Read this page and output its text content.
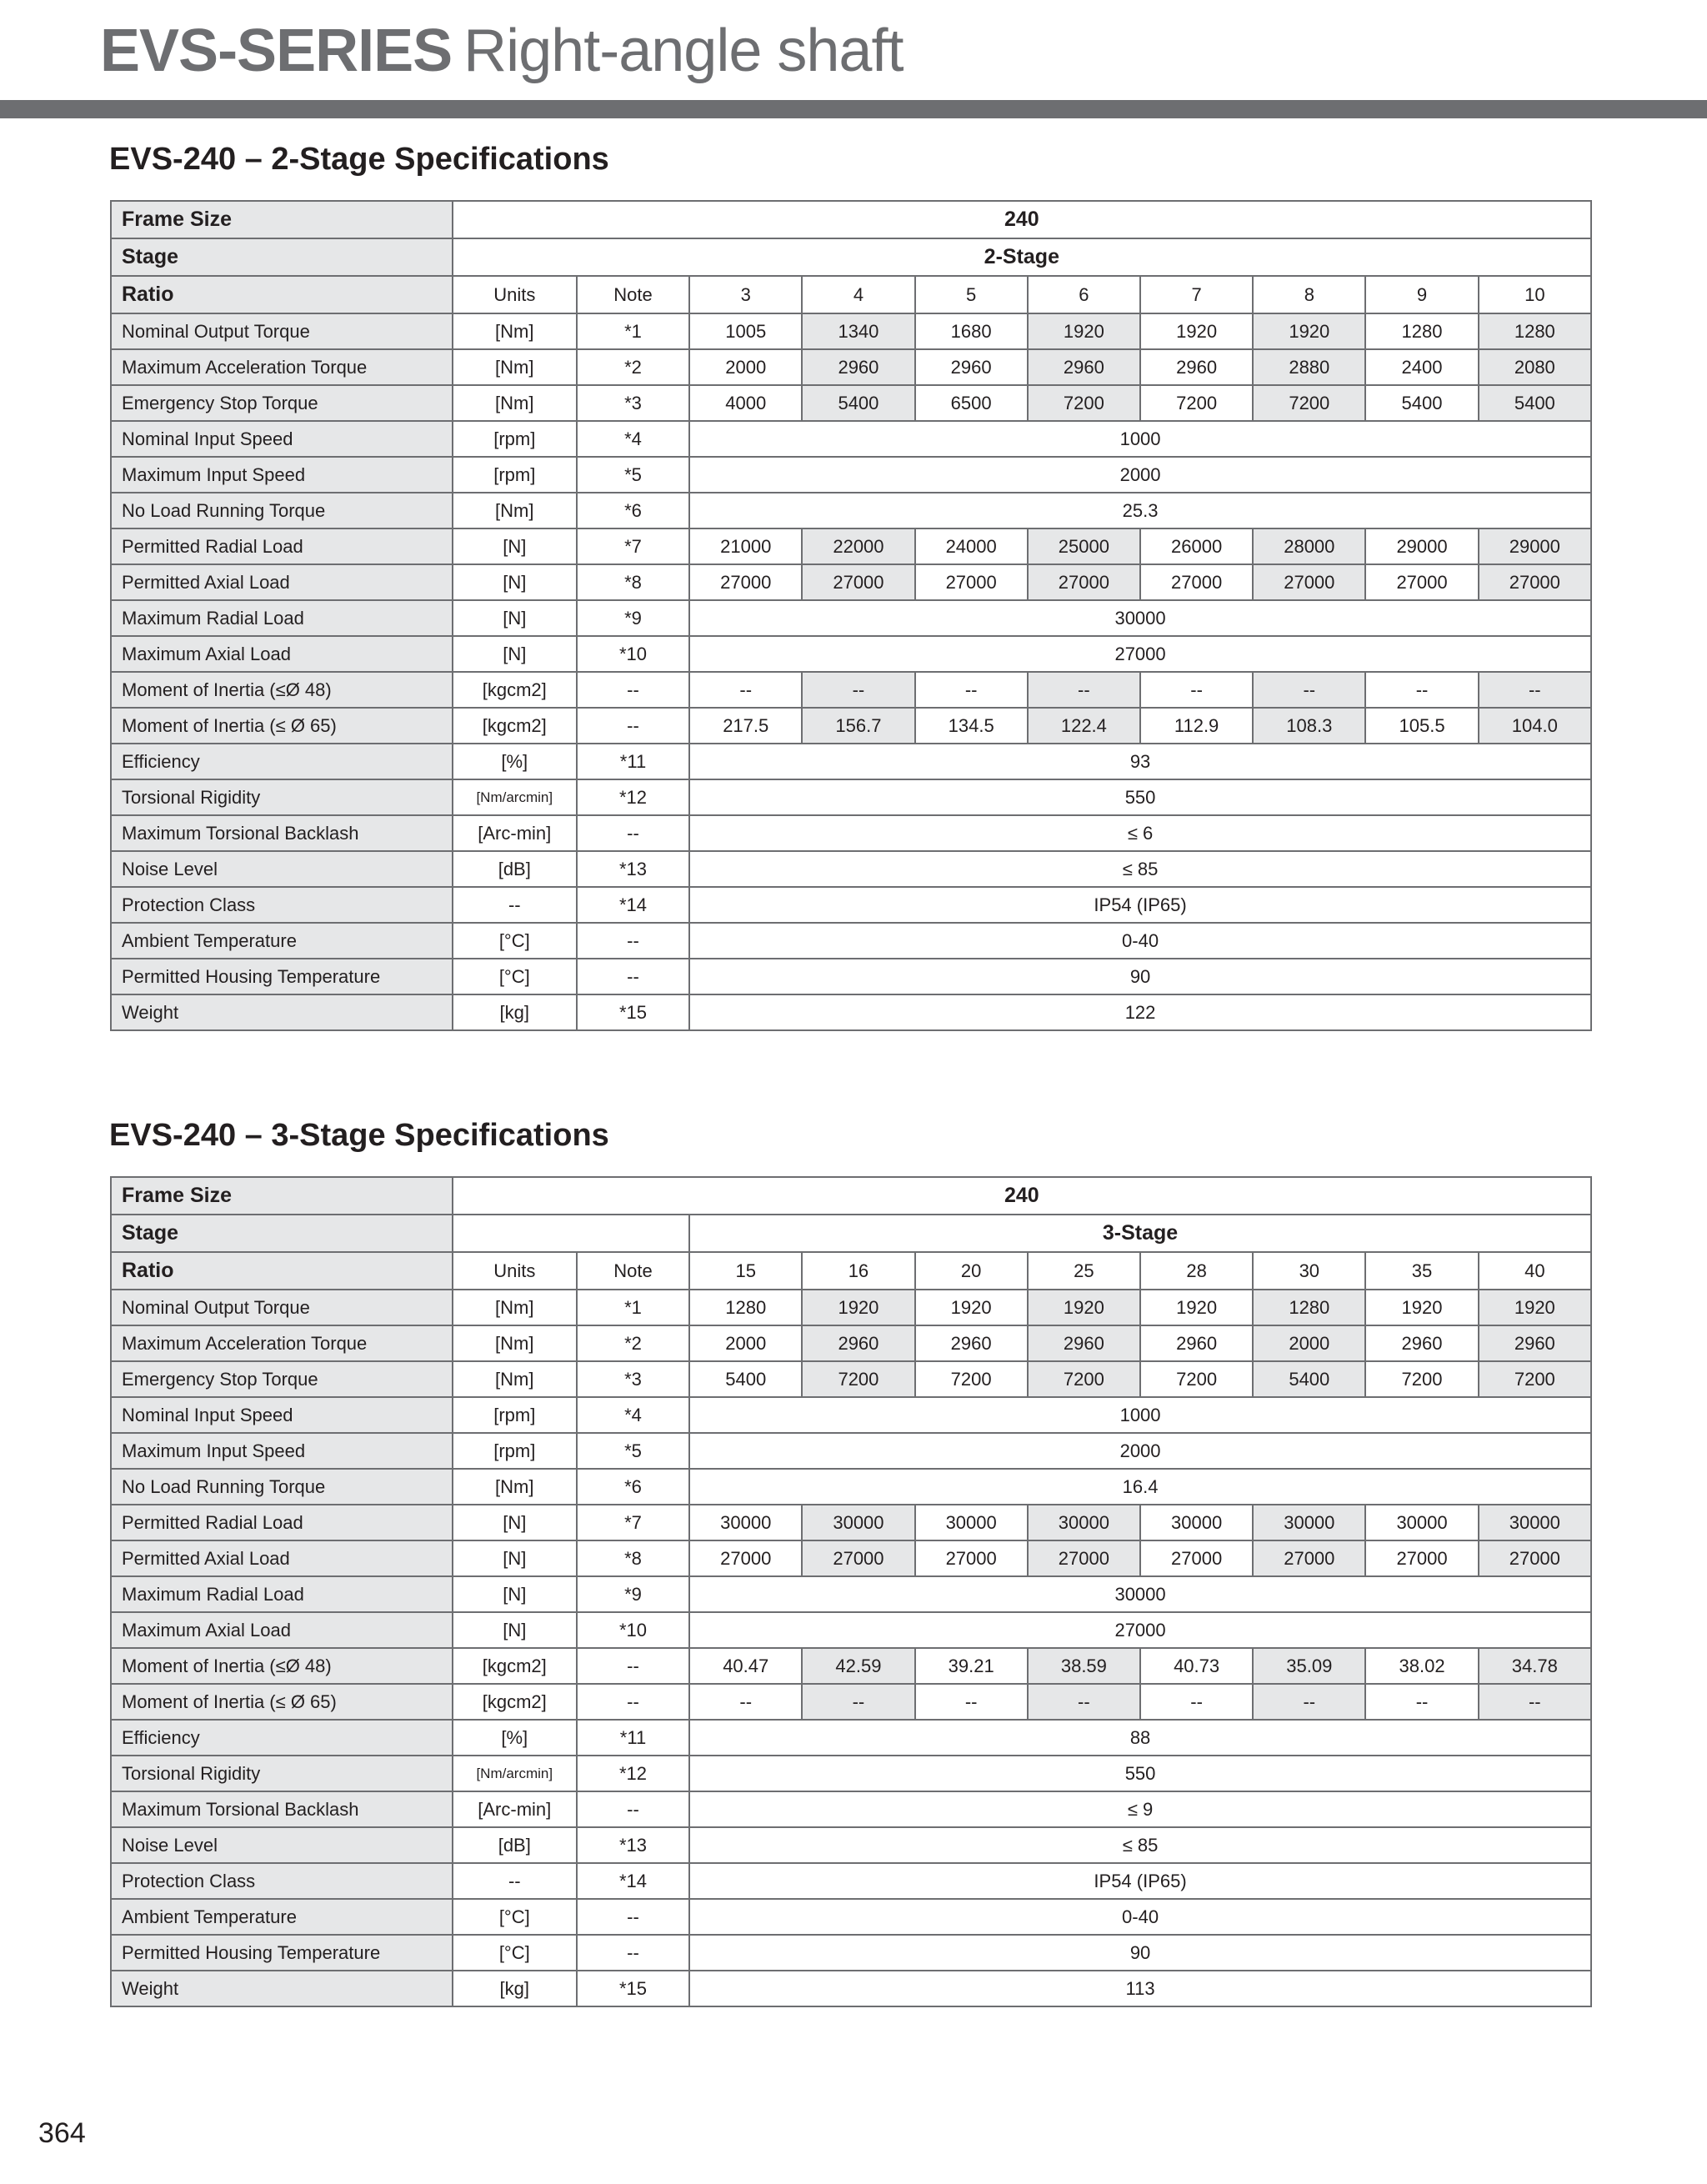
EVS-SERIES Right-angle shaft
EVS-240 – 2-Stage Specifications
Frame Size	240									
Stage	2-Stage									
Ratio	Units	Note	3	4	5	6	7	8	9	10
Nominal Output Torque	[Nm]	*1	1005	1340	1680	1920	1920	1920	1280	1280
Maximum Acceleration Torque	[Nm]	*2	2000	2960	2960	2960	2960	2880	2400	2080
Emergency Stop Torque	[Nm]	*3	4000	5400	6500	7200	7200	7200	5400	5400
Nominal Input Speed	[rpm]	*4	1000							
Maximum Input Speed	[rpm]	*5	2000							
No Load Running Torque	[Nm]	*6	25.3							
Permitted Radial Load	[N]	*7	21000	22000	24000	25000	26000	28000	29000	29000
Permitted Axial Load	[N]	*8	27000	27000	27000	27000	27000	27000	27000	27000
Maximum Radial Load	[N]	*9	30000							
Maximum Axial Load	[N]	*10	27000							
Moment of Inertia (≤Ø 48)	[kgcm2]	--	--	--	--	--	--	--	--	--
Moment of Inertia (≤ Ø 65)	[kgcm2]	--	217.5	156.7	134.5	122.4	112.9	108.3	105.5	104.0
Efficiency	[%]	*11	93							
Torsional Rigidity	[Nm/arcmin]	*12	550							
Maximum Torsional Backlash	[Arc-min]	--	≤ 6							
Noise Level	[dB]	*13	≤ 85							
Protection Class	--	*14	IP54 (IP65)							
Ambient Temperature	[°C]	--	0-40							
Permitted Housing Temperature	[°C]	--	90							
Weight	[kg]	*15	122							
EVS-240 – 3-Stage Specifications
Frame Size	240									
Stage			3-Stage							
Ratio	Units	Note	15	16	20	25	28	30	35	40
Nominal Output Torque	[Nm]	*1	1280	1920	1920	1920	1920	1280	1920	1920
Maximum Acceleration Torque	[Nm]	*2	2000	2960	2960	2960	2960	2000	2960	2960
Emergency Stop Torque	[Nm]	*3	5400	7200	7200	7200	7200	5400	7200	7200
Nominal Input Speed	[rpm]	*4	1000							
Maximum Input Speed	[rpm]	*5	2000							
No Load Running Torque	[Nm]	*6	16.4							
Permitted Radial Load	[N]	*7	30000	30000	30000	30000	30000	30000	30000	30000
Permitted Axial Load	[N]	*8	27000	27000	27000	27000	27000	27000	27000	27000
Maximum Radial Load	[N]	*9	30000							
Maximum Axial Load	[N]	*10	27000							
Moment of Inertia (≤Ø 48)	[kgcm2]	--	40.47	42.59	39.21	38.59	40.73	35.09	38.02	34.78
Moment of Inertia (≤ Ø 65)	[kgcm2]	--	--	--	--	--	--	--	--	--
Efficiency	[%]	*11	88							
Torsional Rigidity	[Nm/arcmin]	*12	550							
Maximum Torsional Backlash	[Arc-min]	--	≤ 9							
Noise Level	[dB]	*13	≤ 85							
Protection Class	--	*14	IP54 (IP65)							
Ambient Temperature	[°C]	--	0-40							
Permitted Housing Temperature	[°C]	--	90							
Weight	[kg]	*15	113							
364
